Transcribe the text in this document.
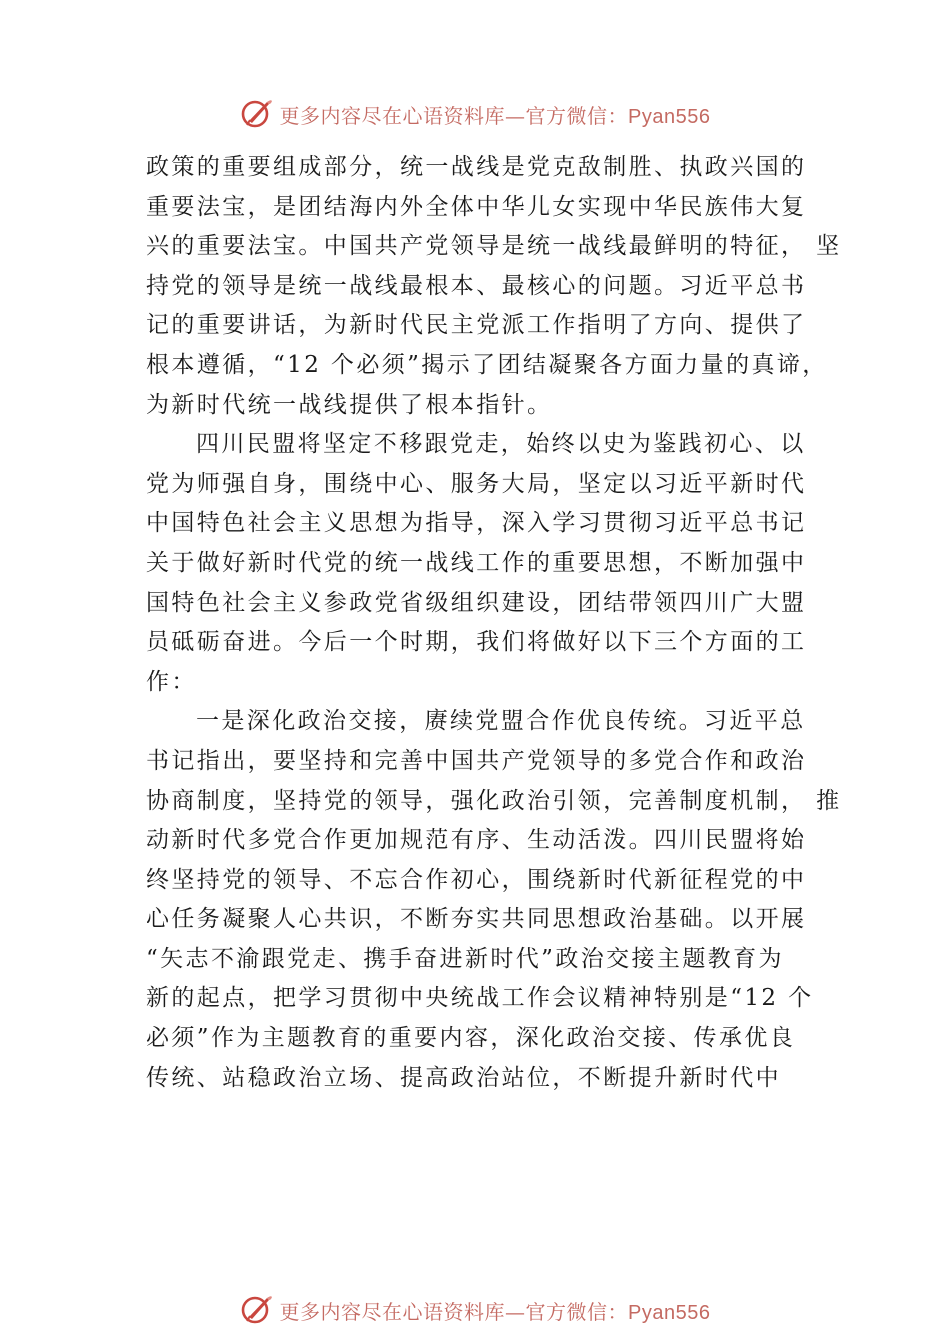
更多内容尽在心语资料库—官方微信：Pyan556
政策的重要组成部分，统一战线是党克敌制胜、执政兴国的
重要法宝，是团结海内外全体中华儿女实现中华民族伟大复
兴的重要法宝。中国共产党领导是统一战线最鲜明的特征， 坚
持党的领导是统一战线最根本、最核心的问题。习近平总书
记的重要讲话，为新时代民主党派工作指明了方向、提供了
根本遵循，“12 个必须”揭示了团结凝聚各方面力量的真谛，
为新时代统一战线提供了根本指针。
四川民盟将坚定不移跟党走，始终以史为鉴践初心、以
党为师强自身，围绕中心、服务大局，坚定以习近平新时代
中国特色社会主义思想为指导，深入学习贯彻习近平总书记
关于做好新时代党的统一战线工作的重要思想，不断加强中
国特色社会主义参政党省级组织建设，团结带领四川广大盟
员砥砺奋进。今后一个时期，我们将做好以下三个方面的工
作：
一是深化政治交接，赓续党盟合作优良传统。习近平总
书记指出，要坚持和完善中国共产党领导的多党合作和政治
协商制度，坚持党的领导，强化政治引领，完善制度机制， 推
动新时代多党合作更加规范有序、生动活泼。四川民盟将始
终坚持党的领导、不忘合作初心，围绕新时代新征程党的中
心任务凝聚人心共识，不断夯实共同思想政治基础。以开展
“矢志不渝跟党走、携手奋进新时代”政治交接主题教育为
新的起点，把学习贯彻中央统战工作会议精神特别是“12 个
必须”作为主题教育的重要内容，深化政治交接、传承优良
传统、站稳政治立场、提高政治站位，不断提升新时代中
更多内容尽在心语资料库—官方微信：Pyan556
